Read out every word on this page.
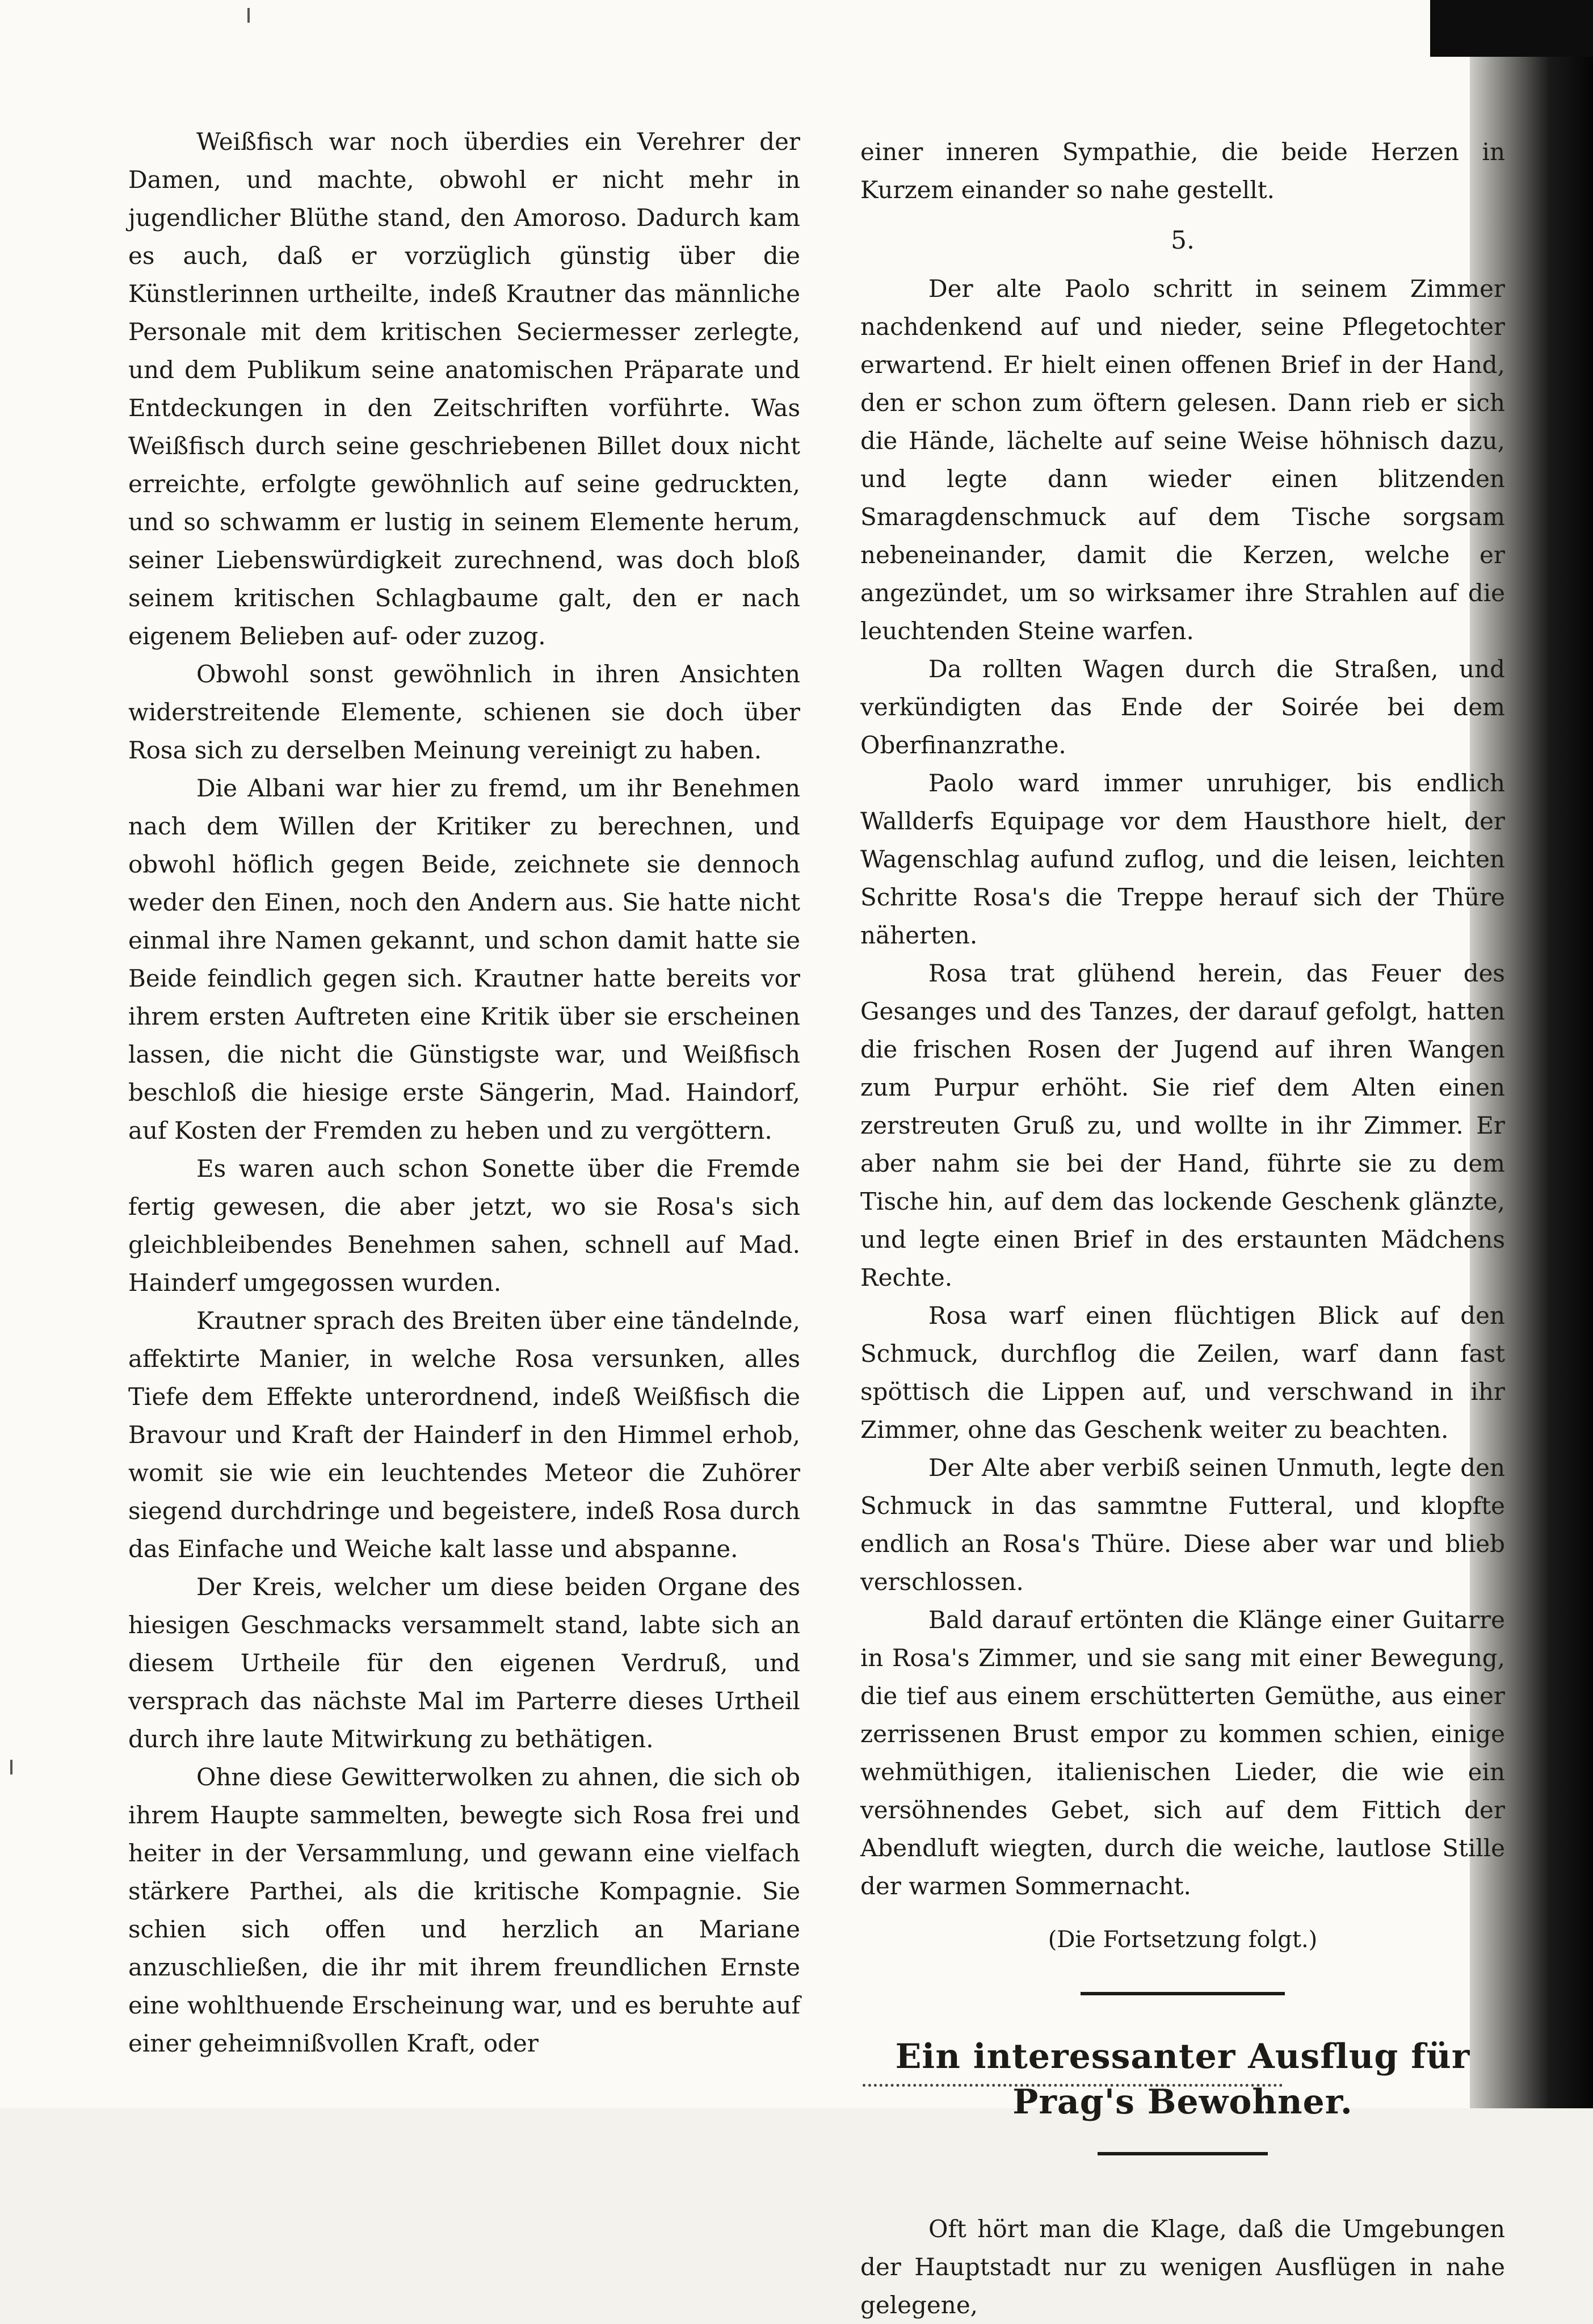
Weißfisch war noch überdies ein Verehrer der Damen, und machte, obwohl er nicht mehr in jugendlicher Blüthe stand, den Amoroso. Dadurch kam es auch, daß er vorzüglich günstig über die Künstlerinnen urtheilte, indeß Krautner das männliche Personale mit dem kritischen Seciermesser zerlegte, und dem Publikum seine anatomischen Präparate und Entdeckungen in den Zeitschriften vorführte. Was Weißfisch durch seine geschriebenen Billet doux nicht erreichte, erfolgte gewöhnlich auf seine gedruckten, und so schwamm er lustig in seinem Elemente herum, seiner Liebenswürdigkeit zurechnend, was doch bloß seinem kritischen Schlagbaume galt, den er nach eigenem Belieben auf- oder zuzog.

Obwohl sonst gewöhnlich in ihren Ansichten widerstreitende Elemente, schienen sie doch über Rosa sich zu derselben Meinung vereinigt zu haben.

Die Albani war hier zu fremd, um ihr Benehmen nach dem Willen der Kritiker zu berechnen, und obwohl höflich gegen Beide, zeichnete sie dennoch weder den Einen, noch den Andern aus. Sie hatte nicht einmal ihre Namen gekannt, und schon damit hatte sie Beide feindlich gegen sich. Krautner hatte bereits vor ihrem ersten Auftreten eine Kritik über sie erscheinen lassen, die nicht die Günstigste war, und Weißfisch beschloß die hiesige erste Sängerin, Mad. Haindorf, auf Kosten der Fremden zu heben und zu vergöttern.

Es waren auch schon Sonette über die Fremde fertig gewesen, die aber jetzt, wo sie Rosa's sich gleichbleibendes Benehmen sahen, schnell auf Mad. Hainderf umgegossen wurden.

Krautner sprach des Breiten über eine tändelnde, affektirte Manier, in welche Rosa versunken, alles Tiefe dem Effekte unterordnend, indeß Weißfisch die Bravour und Kraft der Hainderf in den Himmel erhob, womit sie wie ein leuchtendes Meteor die Zuhörer siegend durchdringe und begeistere, indeß Rosa durch das Einfache und Weiche kalt lasse und abspanne.

Der Kreis, welcher um diese beiden Organe des hiesigen Geschmacks versammelt stand, labte sich an diesem Urtheile für den eigenen Verdruß, und versprach das nächste Mal im Parterre dieses Urtheil durch ihre laute Mitwirkung zu bethätigen.

Ohne diese Gewitterwolken zu ahnen, die sich ob ihrem Haupte sammelten, bewegte sich Rosa frei und heiter in der Versammlung, und gewann eine vielfach stärkere Parthei, als die kritische Kompagnie. Sie schien sich offen und herzlich an Mariane anzuschließen, die ihr mit ihrem freundlichen Ernste eine wohlthuende Erscheinung war, und es beruhte auf einer geheimnißvollen Kraft, oder

einer inneren Sympathie, die beide Herzen in Kurzem einander so nahe gestellt.

5.

Der alte Paolo schritt in seinem Zimmer nachdenkend auf und nieder, seine Pflegetochter erwartend. Er hielt einen offenen Brief in der Hand, den er schon zum öftern gelesen. Dann rieb er sich die Hände, lächelte auf seine Weise höhnisch dazu, und legte dann wieder einen blitzenden Smaragdenschmuck auf dem Tische sorgsam nebeneinander, damit die Kerzen, welche er angezündet, um so wirksamer ihre Strahlen auf die leuchtenden Steine warfen.

Da rollten Wagen durch die Straßen, und verkündigten das Ende der Soirée bei dem Oberfinanzrathe.

Paolo ward immer unruhiger, bis endlich Wallderfs Equipage vor dem Hausthore hielt, der Wagenschlag aufund zuflog, und die leisen, leichten Schritte Rosa's die Treppe herauf sich der Thüre näherten.

Rosa trat glühend herein, das Feuer des Gesanges und des Tanzes, der darauf gefolgt, hatten die frischen Rosen der Jugend auf ihren Wangen zum Purpur erhöht. Sie rief dem Alten einen zerstreuten Gruß zu, und wollte in ihr Zimmer. Er aber nahm sie bei der Hand, führte sie zu dem Tische hin, auf dem das lockende Geschenk glänzte, und legte einen Brief in des erstaunten Mädchens Rechte.

Rosa warf einen flüchtigen Blick auf den Schmuck, durchflog die Zeilen, warf dann fast spöttisch die Lippen auf, und verschwand in ihr Zimmer, ohne das Geschenk weiter zu beachten.

Der Alte aber verbiß seinen Unmuth, legte den Schmuck in das sammtne Futteral, und klopfte endlich an Rosa's Thüre. Diese aber war und blieb verschlossen.

Bald darauf ertönten die Klänge einer Guitarre in Rosa's Zimmer, und sie sang mit einer Bewegung, die tief aus einem erschütterten Gemüthe, aus einer zerrissenen Brust empor zu kommen schien, einige wehmüthigen, italienischen Lieder, die wie ein versöhnendes Gebet, sich auf dem Fittich der Abendluft wiegten, durch die weiche, lautlose Stille der warmen Sommernacht.

(Die Fortsetzung folgt.)

Ein interessanter Ausflug für Prag's Bewohner.

Oft hört man die Klage, daß die Umgebungen der Hauptstadt nur zu wenigen Ausflügen in nahe gelegene,
